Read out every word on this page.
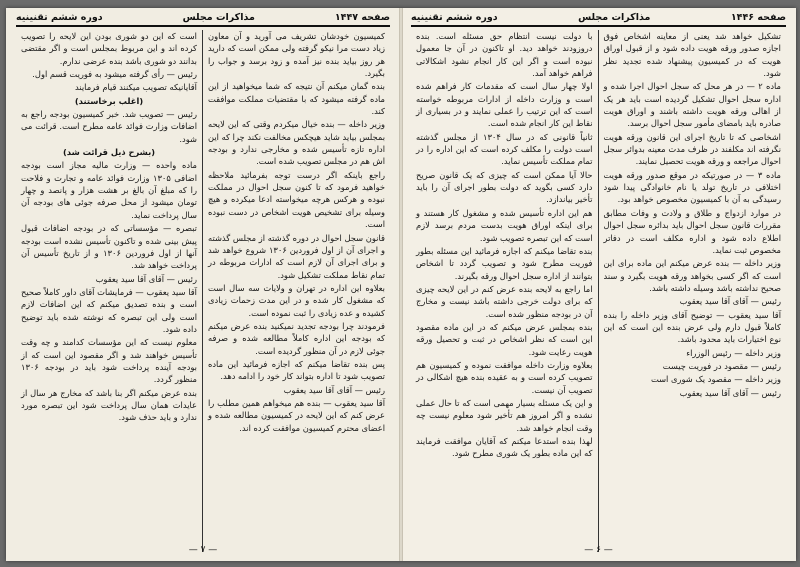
صفحه ۱۴۴۷
مذاکرات مجلس
دوره ششم تقنینیه

کمیسیون خودشان تشریف می آورید و آن معاون زیاد دست مرا نیکو گرفته ولی ممکن است که دارید هر روز بیاید بنده نیز آمده و زود برسد و جواب را بگیرد.

بنده گمان میکنم آن نتیجه که شما میخواهید از این ماده گرفته میشود که با مقتضیات مملکت موافقت کند.

وزیر داخله — بنده خیال میکردم وقتی که این لایحه بمجلس بیاید شاید هیچکس مخالفت نکند چرا که این اداره تازه تأسیس شده و مخارجی ندارد و بودجه اش هم در مجلس تصویب شده است.

راجع باینکه اگر درست توجه بفرمائید ملاحظه خواهید فرمود که تا کنون سجل احوال در مملکت نبوده و هرکس هرچه میخواسته ادعا میکرده و هیچ وسیله برای تشخیص هویت اشخاص در دست نبوده است.

قانون سجل احوال در دوره گذشته از مجلس گذشته و اجرای آن از اول فروردین ۱۳۰۶ شروع خواهد شد و برای اجرای آن لازم است که ادارات مربوطه در تمام نقاط مملکت تشکیل شود.

بعلاوه این اداره در تهران و ولایات سه سال است که مشغول کار شده و در این مدت زحمات زیادی کشیده و عده زیادی را ثبت نموده است.

فرمودند چرا بودجه تجدید نمیکنید بنده عرض میکنم که بودجه این اداره کاملاً مطالعه شده و صرفه جوئی لازم در آن منظور گردیده است.

پس بنده تقاضا میکنم که اجازه فرمائید این ماده تصویب شود تا اداره بتواند کار خود را ادامه دهد.

رئیس — آقای آقا سید یعقوب

آقا سید یعقوب — بنده هم میخواهم همین مطلب را عرض کنم که این لایحه در کمیسیون مطالعه شده و اعضای محترم کمیسیون موافقت کرده اند.

است که این دو شوری بودن این لایحه را تصویب کرده اند و این مربوط بمجلس است و اگر مقتضی بدانند دو شوری باشد بنده عرضی ندارم.

رئیس — رأی گرفته میشود به فوریت قسم اول.

آقایانیکه تصویب میکنند قیام فرمایند

(اغلب برخاستند)

رئیس — تصویب شد. خبر کمیسیون بودجه راجع به اضافات وزارت فوائد عامه مطرح است. قرائت می شود.

(بشرح ذیل قرائت شد)

ماده واحده — وزارت مالیه مجاز است بودجه اضافی ۱۳۰۵ وزارت فوائد عامه و تجارت و فلاحت را که مبلغ آن بالغ بر هشت هزار و پانصد و چهار تومان میشود از محل صرفه جوئی های بودجه آن سال پرداخت نماید.

تبصره — مؤسساتی که در بودجه اضافات قبول پیش بینی شده و تاکنون تأسیس نشده است بودجه آنها از اول فروردین ۱۳۰۶ و از تاریخ تأسیس آن پرداخت خواهد شد.

رئیس — آقای آقا سید یعقوب

آقا سید یعقوب — فرمایشات آقای داور کاملاً صحیح است و بنده تصدیق میکنم که این اضافات لازم است ولی این تبصره که نوشته شده باید توضیح داده شود.

معلوم نیست که این مؤسسات کدامند و چه وقت تأسیس خواهند شد و اگر مقصود این است که از بودجه آینده پرداخت شود باید در بودجه ۱۳۰۶ منظور گردد.

بنده عرض میکنم اگر بنا باشد که مخارج هر سال از عایدات همان سال پرداخت شود این تبصره مورد ندارد و باید حذف شود.

— ۷ —
صفحه ۱۴۴۶
مذاکرات مجلس
دوره ششم تقنینیه

تشکیل خواهد شد یعنی از معاینه اشخاص فوق اجازه صدور ورقه هویت داده شود و از قبول اوراق هویت که در کمیسیون پیشنهاد شده تجدید نظر شود.

ماده ۲ — در هر محل که سجل احوال اجرا شده و اداره سجل احوال تشکیل گردیده است باید هر یک از اهالی ورقه هویت داشته باشند و اوراق هویت صادره باید بامضای مأمور سجل احوال برسد.

اشخاصی که تا تاریخ اجرای این قانون ورقه هویت نگرفته اند مکلفند در ظرف مدت معینه بدوائر سجل احوال مراجعه و ورقه هویت تحصیل نمایند.

ماده ۳ — در صورتیکه در موقع صدور ورقه هویت اختلافی در تاریخ تولد یا نام خانوادگی پیدا شود رسیدگی به آن با کمیسیون مخصوص خواهد بود.

در موارد ازدواج و طلاق و ولادت و وفات مطابق مقررات قانون سجل احوال باید بدائره سجل احوال اطلاع داده شود و اداره مکلف است در دفاتر مخصوص ثبت نماید.

وزیر داخله — بنده عرض میکنم این ماده برای این است که اگر کسی بخواهد ورقه هویت بگیرد و سند صحیح نداشته باشد وسیله داشته باشد.

رئیس — آقای آقا سید یعقوب

آقا سید یعقوب — توضیح آقای وزیر داخله را بنده کاملاً قبول دارم ولی عرض بنده این است که این نوع اختیارات باید محدود باشد.

وزیر داخله — رئیس الوزراء

رئیس — مقصود در فوریت چیست

وزیر داخله — مقصود یک شوری است

رئیس — آقای آقا سید یعقوب

با دولت نیست انتظام حق مسئله است. بنده دروزودند خواهد دید. او تاکنون در آن جا معمول نبوده است و اگر این کار انجام نشود اشکالاتی فراهم خواهد آمد.

اولا چهار سال است که مقدمات کار فراهم شده است و وزارت داخله از ادارات مربوطه خواسته است که این ترتیب را عملی نمایند و در بسیاری از نقاط این کار انجام شده است.

ثانیاً قانونی که در سال ۱۳۰۴ از مجلس گذشته است دولت را مکلف کرده است که این اداره را در تمام مملکت تأسیس نماید.

حالا آیا ممکن است که چیزی که یک قانون صریح دارد کسی بگوید که دولت بطور اجرای آن را باید تأخیر بیاندازد.

هم این اداره تأسیس شده و مشغول کار هستند و برای اینکه اوراق هویت بدست مردم برسد لازم است که این تبصره تصویب شود.

بنده تقاضا میکنم که اجازه فرمائید این مسئله بطور فوریت مطرح شود و تصویب گردد تا اشخاص بتوانند از اداره سجل احوال ورقه بگیرند.

اما راجع به لایحه بنده عرض کنم در این لایحه چیزی که برای دولت خرجی داشته باشد نیست و مخارج آن در بودجه منظور شده است.

بنده بمجلس عرض میکنم که در این ماده مقصود این است که نظر اشخاص در ثبت و تحصیل ورقه هویت رعایت شود.

بعلاوه وزارت داخله موافقت نموده و کمیسیون هم تصویب کرده است و به عقیده بنده هیچ اشکالی در تصویب آن نیست.

و این یک مسئله بسیار مهمی است که تا حال عملی نشده و اگر امروز هم تأخیر شود معلوم نیست چه وقت انجام خواهد شد.

لهذا بنده استدعا میکنم که آقایان موافقت فرمایند که این ماده بطور یک شوری مطرح شود.

— ۶ —
